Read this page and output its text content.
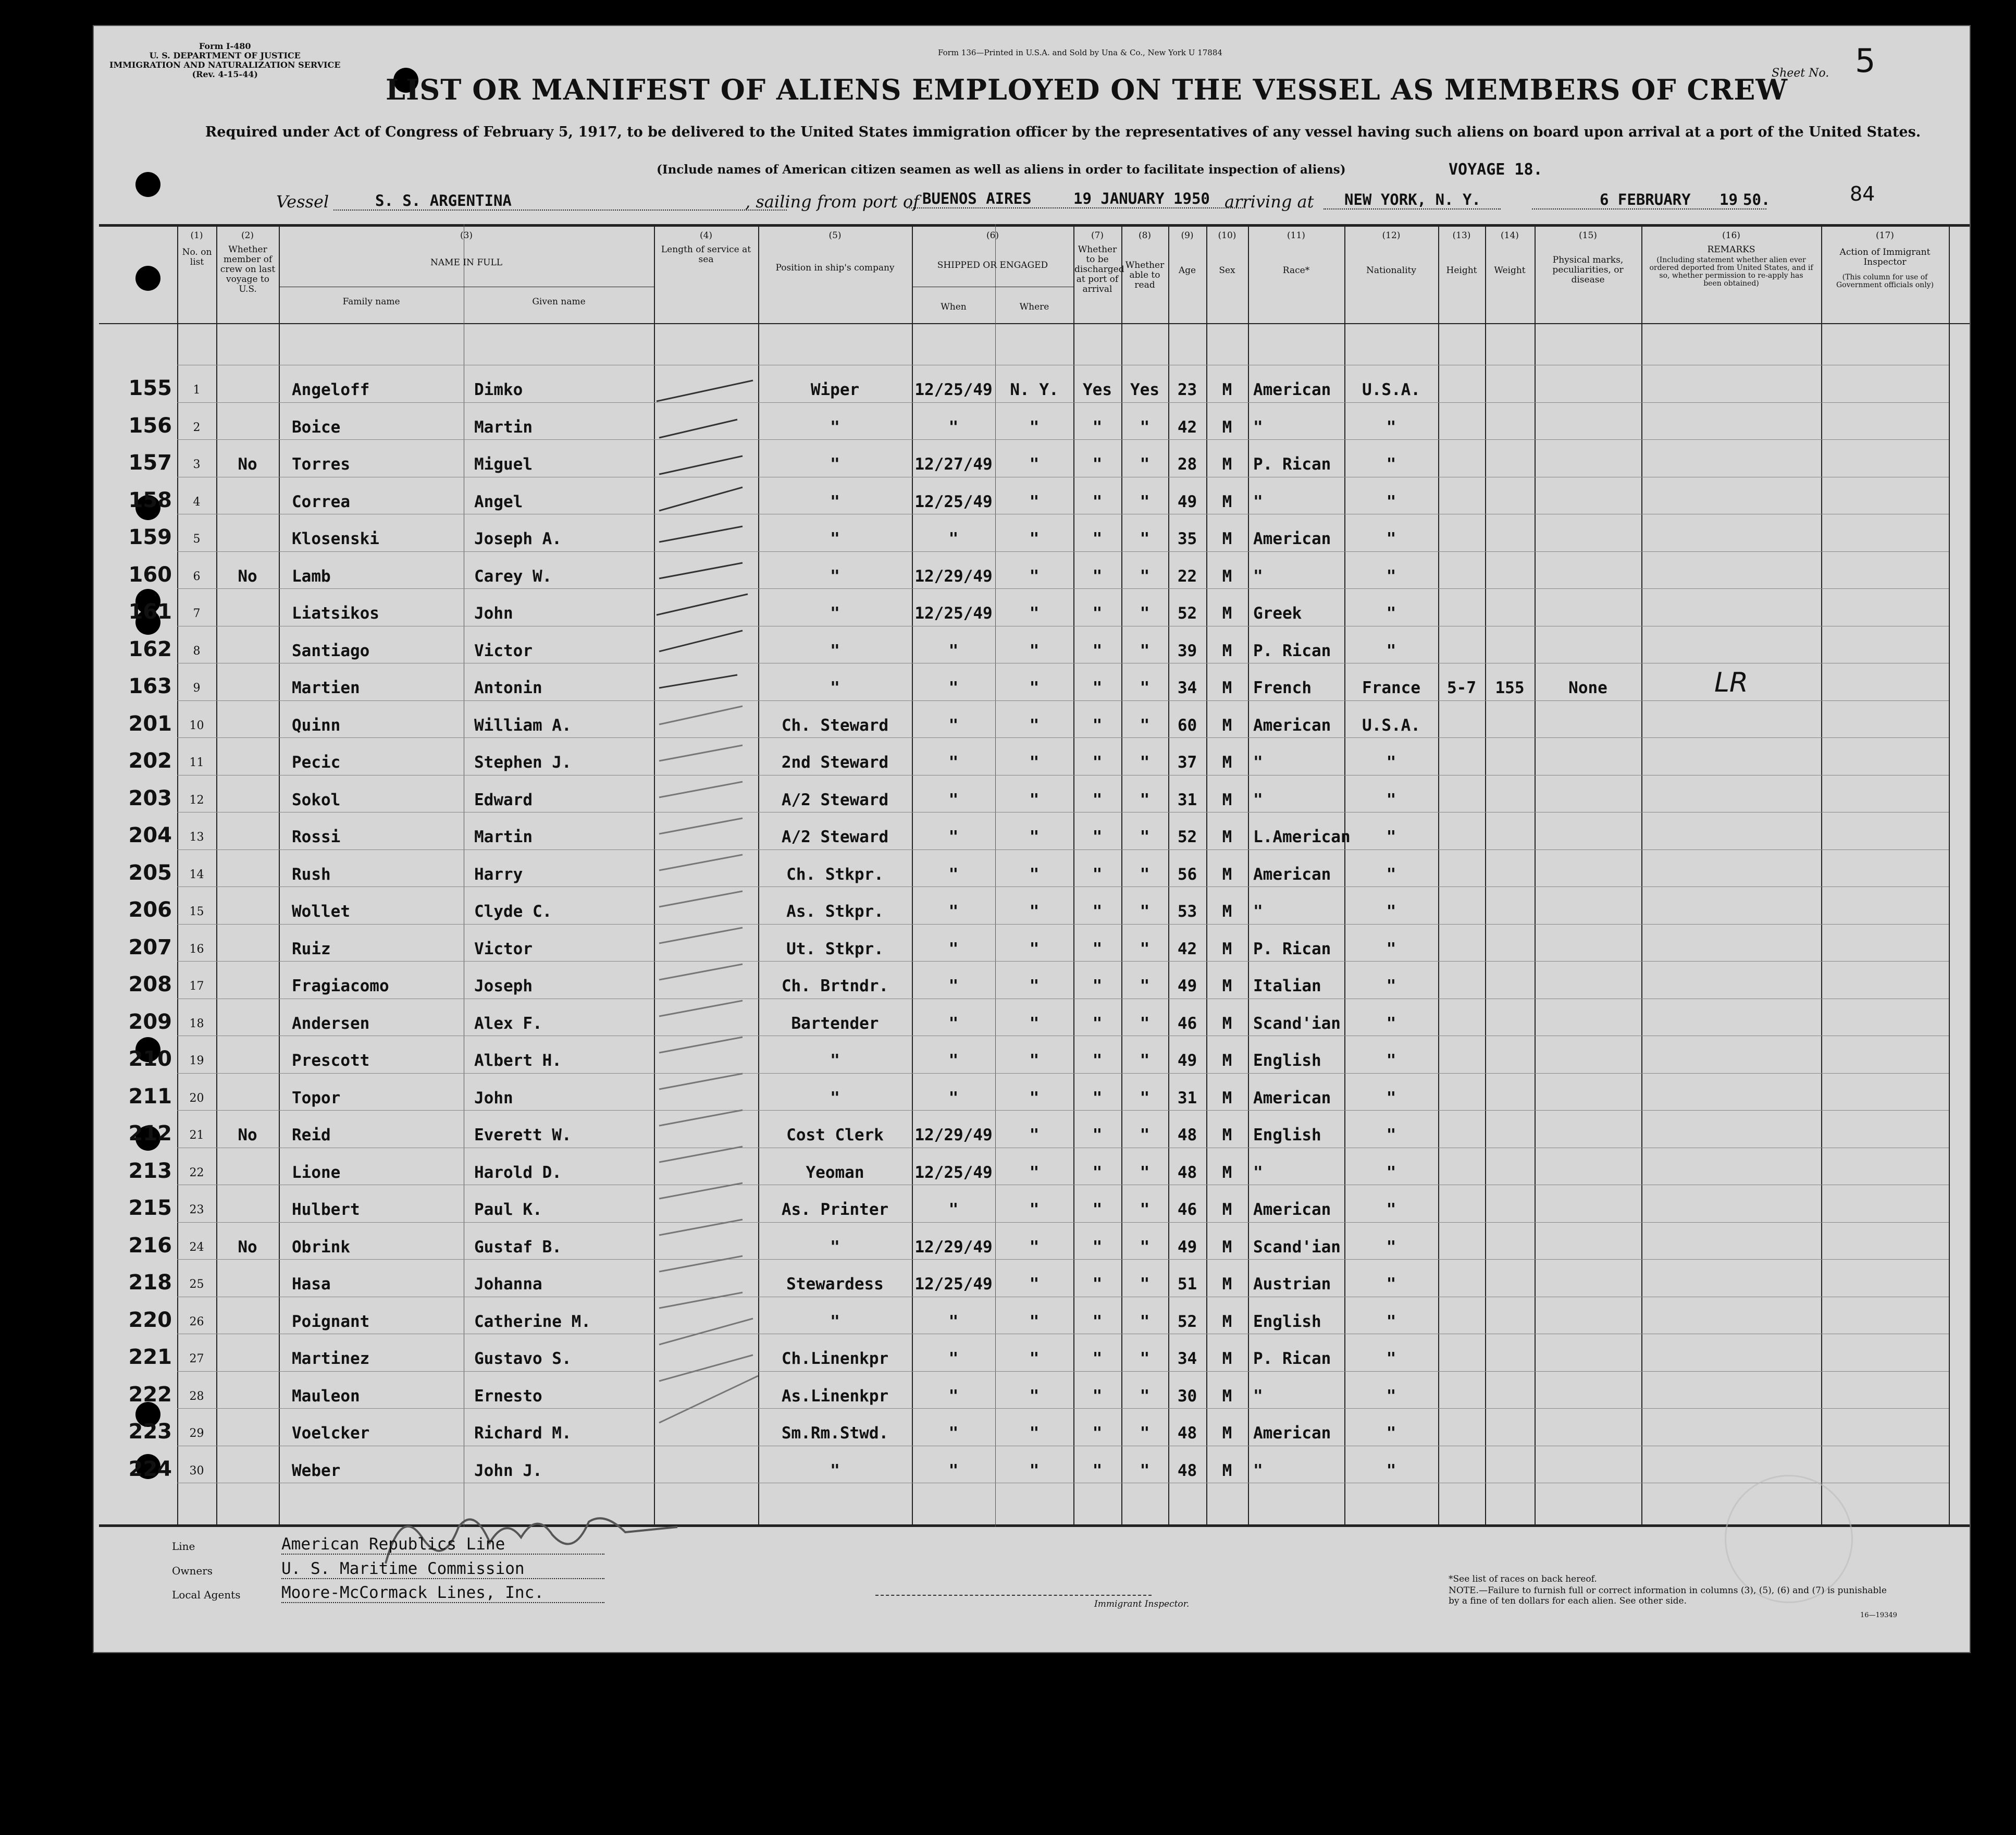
Form I-480
U. S. DEPARTMENT OF JUSTICE
IMMIGRATION AND NATURALIZATION SERVICE
(Rev. 4-15-44)
Form 136—Printed in U.S.A. and Sold by Una & Co., New York U 17884
Sheet No. 5
LIST OR MANIFEST OF ALIENS EMPLOYED ON THE VESSEL AS MEMBERS OF CREW
Required under Act of Congress of February 5, 1917, to be delivered to the United States immigration officer by the representatives of any vessel having such aliens on board upon arrival at a port of the United States.
(Include names of American citizen seamen as well as aliens in order to facilitate inspection of aliens)	VOYAGE 18.
84
Vessel	S. S. ARGENTINA	, sailing from port of BUENOS AIRES	19 JANUARY 1950 arriving at	NEW YORK, N. Y.	6 FEBRUARY	19 50.
(1)	(2)	(3)	(4)	(5)	(6)	(7)	(8)	(9)	(10)	(11)	(12)	(13)	(14)	(15)	(16)	(17)
No. on list
Whether member of crew on last voyage to U.S.
NAME IN FULL
Family name	Given name
Length of service at sea
Position in ship's company	SHIPPED OR ENGAGED
When	Where
Whether to be discharged at port of arrival
Whether able to read
Age	Sex	Race*	Nationality	Height	Weight
Physical marks, peculiarities, or disease
REMARKS
(Including statement whether alien ever ordered deported from United States, and if so, whether permission to re-apply has been obtained)
Action of Immigrant Inspector
(This column for use of Government officials only)
155	1	Angeloff	Dimko	Wiper	12/25/49	N. Y.	Yes	Yes	23	M	American	U.S.A.
156	2	Boice	Martin	"	"	"	"	"	42	M	"	"
157	3	No	Torres	Miguel	"	12/27/49	"	"	"	28	M	P. Rican	"
158	4	Correa	Angel	"	12/25/49	"	"	"	49	M	"	"
159	5	Klosenski	Joseph A.	"	"	"	"	"	35	M	American	"
160	6	No	Lamb	Carey W.	"	12/29/49	"	"	"	22	M	"	"
161	7	Liatsikos	John	"	12/25/49	"	"	"	52	M	Greek	"
162	8	Santiago	Victor	"	"	"	"	"	39	M	P. Rican	"
163	9	Martien	Antonin	"	"	"	"	"	34	M	French	France	5-7	155	None	LR
201	10	Quinn	William A.	Ch. Steward	"	"	"	"	60	M	American	U.S.A.
202	11	Pecic	Stephen J.	2nd Steward	"	"	"	"	37	M	"	"
203	12	Sokol	Edward	A/2 Steward	"	"	"	"	31	M	"	"
204	13	Rossi	Martin	A/2 Steward	"	"	"	"	52	M	L.American	"
205	14	Rush	Harry	Ch. Stkpr.	"	"	"	"	56	M	American	"
206	15	Wollet	Clyde C.	As. Stkpr.	"	"	"	"	53	M	"	"
207	16	Ruiz	Victor	Ut. Stkpr.	"	"	"	"	42	M	P. Rican	"
208	17	Fragiacomo	Joseph	Ch. Brtndr.	"	"	"	"	49	M	Italian	"
209	18	Andersen	Alex F.	Bartender	"	"	"	"	46	M	Scand'ian	"
210	19	Prescott	Albert H.	"	"	"	"	"	49	M	English	"
211	20	Topor	John	"	"	"	"	"	31	M	American	"
212	21	No	Reid	Everett W.	Cost Clerk	12/29/49	"	"	"	48	M	English	"
213	22	Lione	Harold D.	Yeoman	12/25/49	"	"	"	48	M	"	"
215	23	Hulbert	Paul K.	As. Printer	"	"	"	"	46	M	American	"
216	24	No	Obrink	Gustaf B.	"	12/29/49	"	"	"	49	M	Scand'ian	"
218	25	Hasa	Johanna	Stewardess	12/25/49	"	"	"	51	M	Austrian	"
220	26	Poignant	Catherine M.	"	"	"	"	"	52	M	English	"
221	27	Martinez	Gustavo S.	Ch.Linenkpr	"	"	"	"	34	M	P. Rican	"
222	28	Mauleon	Ernesto	As.Linenkpr	"	"	"	"	30	M	"	"
223	29	Voelcker	Richard M.	Sm.Rm.Stwd.	"	"	"	"	48	M	American	"
224	30	Weber	John J.	"	"	"	"	"	48	M	"	"
Line	American Republics Line
Owners	U. S. Maritime Commission
Local Agents	Moore-McCormack Lines, Inc.
Immigrant Inspector.
*See list of races on back hereof.
NOTE.—Failure to furnish full or correct information in columns (3), (5), (6) and (7) is punishable by a fine of ten dollars for each alien. See other side.
16—19349
